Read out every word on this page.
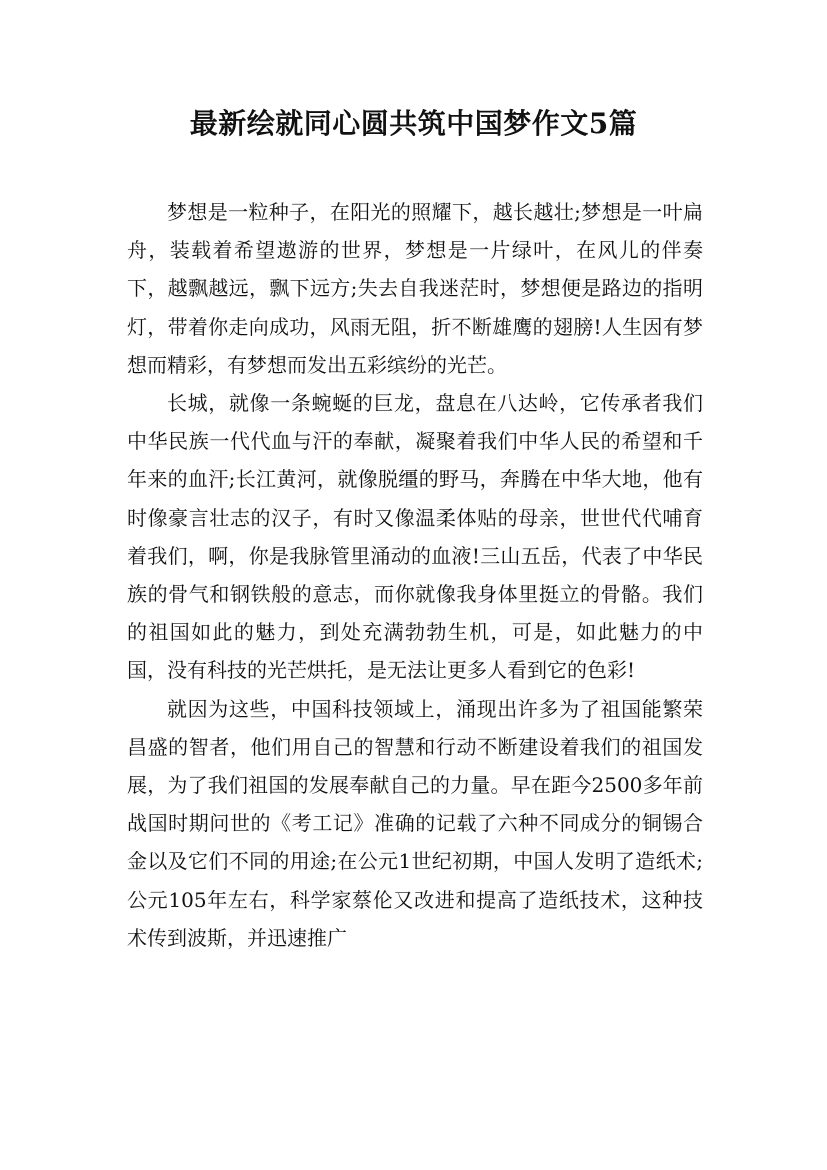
最新绘就同心圆共筑中国梦作文5篇

梦想是一粒种子，在阳光的照耀下，越长越壮;梦想是一叶扁舟，装载着希望遨游的世界，梦想是一片绿叶，在风儿的伴奏下，越飘越远，飘下远方;失去自我迷茫时，梦想便是路边的指明灯，带着你走向成功，风雨无阻，折不断雄鹰的翅膀!人生因有梦想而精彩，有梦想而发出五彩缤纷的光芒。

长城，就像一条蜿蜒的巨龙，盘息在八达岭，它传承者我们中华民族一代代血与汗的奉献，凝聚着我们中华人民的希望和千年来的血汗;长江黄河，就像脱缰的野马，奔腾在中华大地，他有时像豪言壮志的汉子，有时又像温柔体贴的母亲，世世代代哺育着我们，啊，你是我脉管里涌动的血液!三山五岳，代表了中华民族的骨气和钢铁般的意志，而你就像我身体里挺立的骨骼。我们的祖国如此的魅力，到处充满勃勃生机，可是，如此魅力的中国，没有科技的光芒烘托，是无法让更多人看到它的色彩!

就因为这些，中国科技领域上，涌现出许多为了祖国能繁荣昌盛的智者，他们用自己的智慧和行动不断建设着我们的祖国发展，为了我们祖国的发展奉献自己的力量。早在距今2500多年前战国时期问世的《考工记》准确的记载了六种不同成分的铜锡合金以及它们不同的用途;在公元1世纪初期，中国人发明了造纸术;公元105年左右，科学家蔡伦又改进和提高了造纸技术，这种技术传到波斯，并迅速推广
